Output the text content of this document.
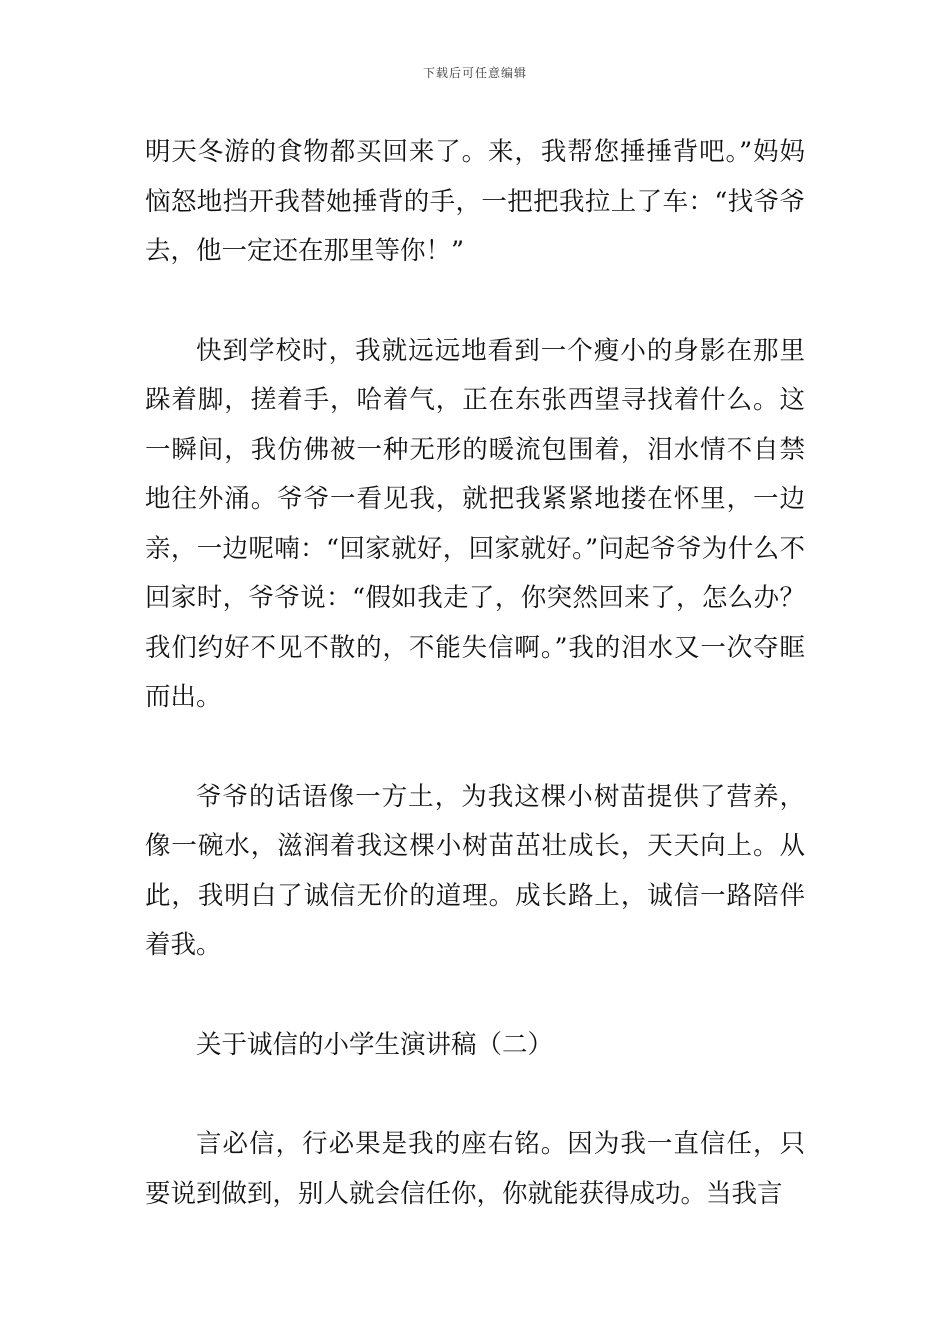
下载后可任意编辑

明天冬游的食物都买回来了。来，我帮您捶捶背吧。”妈妈恼怒地挡开我替她捶背的手，一把把我拉上了车：“找爷爷去，他一定还在那里等你！”

快到学校时，我就远远地看到一个瘦小的身影在那里跺着脚，搓着手，哈着气，正在东张西望寻找着什么。这一瞬间，我仿佛被一种无形的暖流包围着，泪水情不自禁地往外涌。爷爷一看见我，就把我紧紧地搂在怀里，一边亲，一边呢喃：“回家就好，回家就好。”问起爷爷为什么不回家时，爷爷说：“假如我走了，你突然回来了，怎么办？我们约好不见不散的，不能失信啊。”我的泪水又一次夺眶而出。

爷爷的话语像一方土，为我这棵小树苗提供了营养，像一碗水，滋润着我这棵小树苗茁壮成长，天天向上。从此，我明白了诚信无价的道理。成长路上，诚信一路陪伴着我。

关于诚信的小学生演讲稿（二）

言必信，行必果是我的座右铭。因为我一直信任，只要说到做到，别人就会信任你，你就能获得成功。当我言
